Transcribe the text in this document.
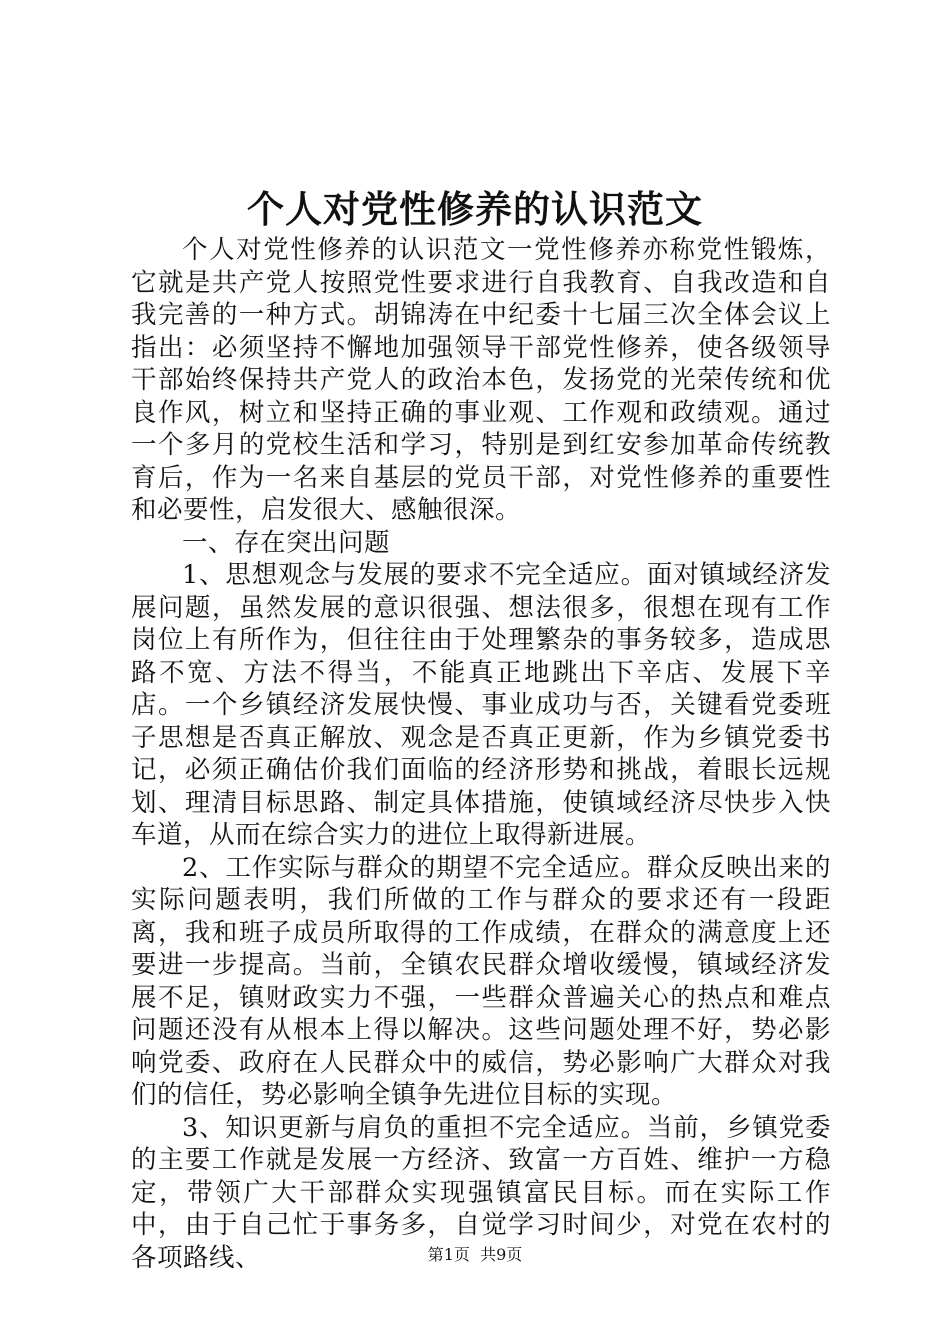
个人对党性修养的认识范文

个人对党性修养的认识范文一党性修养亦称党性锻炼，它就是共产党人按照党性要求进行自我教育、自我改造和自我完善的一种方式。胡锦涛在中纪委十七届三次全体会议上指出：必须坚持不懈地加强领导干部党性修养，使各级领导干部始终保持共产党人的政治本色，发扬党的光荣传统和优良作风，树立和坚持正确的事业观、工作观和政绩观。通过一个多月的党校生活和学习，特别是到红安参加革命传统教育后，作为一名来自基层的党员干部，对党性修养的重要性和必要性，启发很大、感触很深。

一、存在突出问题

1、思想观念与发展的要求不完全适应。面对镇域经济发展问题，虽然发展的意识很强、想法很多，很想在现有工作岗位上有所作为，但往往由于处理繁杂的事务较多，造成思路不宽、方法不得当，不能真正地跳出下辛店、发展下辛店。一个乡镇经济发展快慢、事业成功与否，关键看党委班子思想是否真正解放、观念是否真正更新，作为乡镇党委书记，必须正确估价我们面临的经济形势和挑战，着眼长远规划、理清目标思路、制定具体措施，使镇域经济尽快步入快车道，从而在综合实力的进位上取得新进展。

2、工作实际与群众的期望不完全适应。群众反映出来的实际问题表明，我们所做的工作与群众的要求还有一段距离，我和班子成员所取得的工作成绩，在群众的满意度上还要进一步提高。当前，全镇农民群众增收缓慢，镇域经济发展不足，镇财政实力不强，一些群众普遍关心的热点和难点问题还没有从根本上得以解决。这些问题处理不好，势必影响党委、政府在人民群众中的威信，势必影响广大群众对我们的信任，势必影响全镇争先进位目标的实现。

3、知识更新与肩负的重担不完全适应。当前，乡镇党委的主要工作就是发展一方经济、致富一方百姓、维护一方稳定，带领广大干部群众实现强镇富民目标。而在实际工作中，由于自己忙于事务多，自觉学习时间少，对党在农村的各项路线、	第1页 共9页
